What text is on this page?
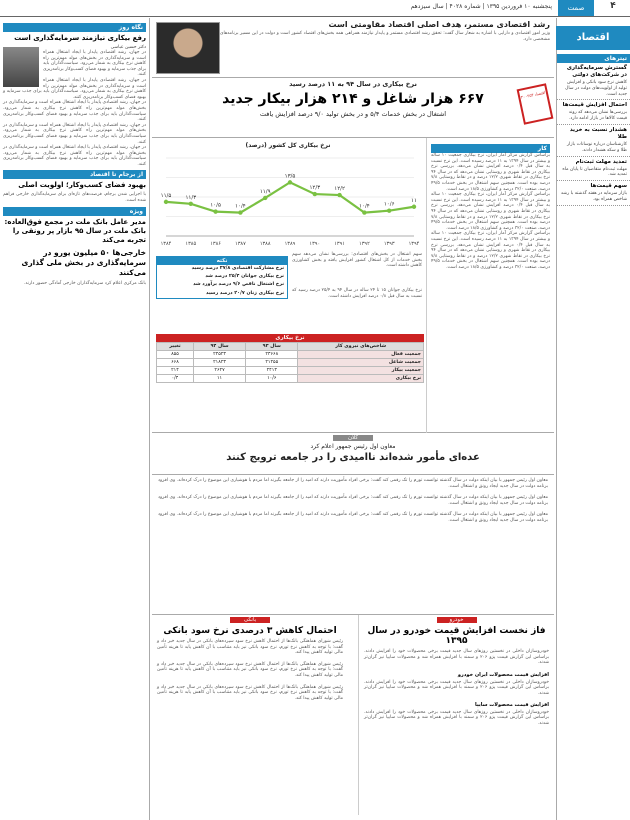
۴
صمت
پنجشنبه ۱۰ فروردین ۱۳۹۵ | شماره ۴۰۲۸ | سال سیزدهم
اقتصاد
تیترهای
گسترش سرمایه‌گذاری در شرکت‌های دولتی
کاهش نرخ سود بانکی و افزایش تولید از اولویت‌های دولت در سال جدید است.
احتمال افزایش قیمت‌ها
بررسی‌ها نشان می‌دهد که روند قیمت کالاها در بازار ادامه دارد.
هشدار نسبت به خرید طلا
کارشناسان درباره نوسانات بازار طلا و سکه هشدار دادند.
تمدید مهلت ثبت‌نام
مهلت ثبت‌نام متقاضیان تا پایان ماه تمدید شد.
سهم قیمت‌ها
بازار سرمایه در هفته گذشته با رشد شاخص همراه بود.
نگاه روز
رفع بیکاری نیازمند سرمایه‌گذاری است
دکتر حسین عباسی
در جهان، رشد اقتصادی پایدار با ایجاد اشتغال همراه است و سرمایه‌گذاری در بخش‌های مولد مهم‌ترین راه کاهش نرخ بیکاری به شمار می‌رود. سیاست‌گذاران باید برای جذب سرمایه و بهبود فضای کسب‌وکار برنامه‌ریزی کنند.
در جهان، رشد اقتصادی پایدار با ایجاد اشتغال همراه است و سرمایه‌گذاری در بخش‌های مولد مهم‌ترین راه کاهش نرخ بیکاری به شمار می‌رود. سیاست‌گذاران باید برای جذب سرمایه و بهبود فضای کسب‌وکار برنامه‌ریزی کنند.
در جهان، رشد اقتصادی پایدار با ایجاد اشتغال همراه است و سرمایه‌گذاری در بخش‌های مولد مهم‌ترین راه کاهش نرخ بیکاری به شمار می‌رود. سیاست‌گذاران باید برای جذب سرمایه و بهبود فضای کسب‌وکار برنامه‌ریزی کنند.
در جهان، رشد اقتصادی پایدار با ایجاد اشتغال همراه است و سرمایه‌گذاری در بخش‌های مولد مهم‌ترین راه کاهش نرخ بیکاری به شمار می‌رود. سیاست‌گذاران باید برای جذب سرمایه و بهبود فضای کسب‌وکار برنامه‌ریزی کنند.
در جهان، رشد اقتصادی پایدار با ایجاد اشتغال همراه است و سرمایه‌گذاری در بخش‌های مولد مهم‌ترین راه کاهش نرخ بیکاری به شمار می‌رود. سیاست‌گذاران باید برای جذب سرمایه و بهبود فضای کسب‌وکار برنامه‌ریزی کنند.
از برجام تا اقتصاد
بهبود فضای کسب‌وکار؛ اولویت اصلی
با اجرایی شدن برجام، فرصت‌های تازه‌ای برای سرمایه‌گذاری خارجی فراهم شده است.
ویژه
مدیر عامل بانک ملت در مجمع فوق‌العاده: بانک ملت در سال ۹۵ بازار پر رونقی را تجربه می‌کند
خارجی‌ها ۵۰ میلیون یورو در سرمایه‌گذاری در بخش ملی گذاری می‌کنند
بانک مرکزی اعلام کرد سرمایه‌گذاران خارجی آمادگی حضور دارند.
رشد اقتصادی مستمر، هدف اصلی اقتصاد مقاومتی است
وزیر امور اقتصادی و دارایی با اشاره به شعار سال گفت: تحقق رشد اقتصادی مستمر و پایدار نیازمند همراهی همه بخش‌های اقتصاد کشور است و دولت در این مسیر برنامه‌های مشخصی دارد.
نرخ بیکاری در سال ۹۴ به ۱۱ درصد رسید
۶۶۷ هزار شاغل و ۲۱۴ هزار بیکار جدید
اشتغال در بخش خدمات ۵/۴ و در بخش تولید ۹/۰ درصد افزایش یافت
اقتصاد ۳۰۰۲۵۳
کار
براساس گزارش مرکز آمار ایران، نرخ بیکاری جمعیت ۱۰ ساله و بیشتر در سال ۱۳۹۴ به ۱۱ درصد رسیده است. این نرخ نسبت به سال قبل ۰/۴ درصد افزایش نشان می‌دهد. بررسی نرخ بیکاری در نقاط شهری و روستایی نشان می‌دهد که در سال ۹۴ نرخ بیکاری در نقاط شهری ۱۲/۲ درصد و در نقاط روستایی ۷/۸ درصد بوده است. همچنین سهم اشتغال در بخش خدمات ۴۹/۵ درصد، صنعت ۳۲/۰ درصد و کشاورزی ۱۸/۵ درصد است.
براساس گزارش مرکز آمار ایران، نرخ بیکاری جمعیت ۱۰ ساله و بیشتر در سال ۱۳۹۴ به ۱۱ درصد رسیده است. این نرخ نسبت به سال قبل ۰/۴ درصد افزایش نشان می‌دهد. بررسی نرخ بیکاری در نقاط شهری و روستایی نشان می‌دهد که در سال ۹۴ نرخ بیکاری در نقاط شهری ۱۲/۲ درصد و در نقاط روستایی ۷/۸ درصد بوده است. همچنین سهم اشتغال در بخش خدمات ۴۹/۵ درصد، صنعت ۳۲/۰ درصد و کشاورزی ۱۸/۵ درصد است.
براساس گزارش مرکز آمار ایران، نرخ بیکاری جمعیت ۱۰ ساله و بیشتر در سال ۱۳۹۴ به ۱۱ درصد رسیده است. این نرخ نسبت به سال قبل ۰/۴ درصد افزایش نشان می‌دهد. بررسی نرخ بیکاری در نقاط شهری و روستایی نشان می‌دهد که در سال ۹۴ نرخ بیکاری در نقاط شهری ۱۲/۲ درصد و در نقاط روستایی ۷/۸ درصد بوده است. همچنین سهم اشتغال در بخش خدمات ۴۹/۵ درصد، صنعت ۳۲/۰ درصد و کشاورزی ۱۸/۵ درصد است.
نرخ بیکاری کل کشور (درصد)
۱۱/۵
۱۳۸۴
۱۱/۳
۱۳۸۵
۱۰/۵
۱۳۸۶
۱۰/۴
۱۳۸۷
۱۱/۹
۱۳۸۸
۱۳/۵
۱۳۸۹
۱۲/۳
۱۳۹۰
۱۲/۲
۱۳۹۱
۱۰/۴
۱۳۹۲
۱۰/۶
۱۳۹۳
۱۱
۱۳۹۴
نکته
نرخ مشارکت اقتصادی ۳۷/۸ درصد رسید
نرخ بیکاری جوانان ۲۵/۴ درصد شد
نرخ اشتغال ناقص ۹/۶ درصد برآورد شد
نرخ بیکاری زنان ۲۰/۷ درصد رسید
سهم اشتغال در بخش‌های اقتصادی: بررسی‌ها نشان می‌دهد سهم بخش خدمات از کل اشتغال کشور افزایش یافته و بخش کشاورزی کاهش داشته است.
نرخ بیکاری جوانان ۱۵ تا ۲۴ ساله در سال ۹۴ به ۲۵/۴ درصد رسید که نسبت به سال قبل ۰/۸ درصد افزایش داشته است.
نرخ بیکاری
شاخص‌های نیروی کار	سال ۹۳	سال ۹۴	تغییر
جمعیت فعال	۲۳۶۶۸	۲۴۵۲۳	۸۵۵
جمعیت شاغل	۲۱۲۵۵	۲۱۸۲۳	۶۶۸
جمعیت بیکار	۲۴۱۳	۲۶۲۷	۲۱۴
نرخ بیکاری	۱۰/۶	۱۱	۰/۴
کلان
معاون اول رئیس جمهور اعلام کرد
عده‌ای مأمور شده‌اند ناامیدی را در جامعه ترویج کنند
معاون اول رئیس جمهور با بیان اینکه دولت در سال گذشته توانست تورم را تک رقمی کند گفت: برخی افراد مأموریت دارند که امید را از جامعه بگیرند اما مردم با هوشیاری این موضوع را درک کرده‌اند. وی افزود برنامه دولت در سال جدید ایجاد رونق و اشتغال است.
معاون اول رئیس جمهور با بیان اینکه دولت در سال گذشته توانست تورم را تک رقمی کند گفت: برخی افراد مأموریت دارند که امید را از جامعه بگیرند اما مردم با هوشیاری این موضوع را درک کرده‌اند. وی افزود برنامه دولت در سال جدید ایجاد رونق و اشتغال است.
معاون اول رئیس جمهور با بیان اینکه دولت در سال گذشته توانست تورم را تک رقمی کند گفت: برخی افراد مأموریت دارند که امید را از جامعه بگیرند اما مردم با هوشیاری این موضوع را درک کرده‌اند. وی افزود برنامه دولت در سال جدید ایجاد رونق و اشتغال است.
خودرو
فاز نخست افزایش قیمت خودرو در سال ۱۳۹۵
خودروسازان داخلی در نخستین روزهای سال جدید قیمت برخی محصولات خود را افزایش دادند. براساس این گزارش قیمت پژو ۲۰۶ و سمند با افزایش همراه شد و محصولات سایپا نیز گران‌تر شدند.
افزایش قیمت محصولات ایران خودرو
خودروسازان داخلی در نخستین روزهای سال جدید قیمت برخی محصولات خود را افزایش دادند. براساس این گزارش قیمت پژو ۲۰۶ و سمند با افزایش همراه شد و محصولات سایپا نیز گران‌تر شدند.
افزایش قیمت محصولات سایپا
خودروسازان داخلی در نخستین روزهای سال جدید قیمت برخی محصولات خود را افزایش دادند. براساس این گزارش قیمت پژو ۲۰۶ و سمند با افزایش همراه شد و محصولات سایپا نیز گران‌تر شدند.
بانکی
احتمال کاهش ۳ درصدی نرخ سود بانکی
رئیس شورای هماهنگی بانک‌ها از احتمال کاهش نرخ سود سپرده‌های بانکی در سال جدید خبر داد و گفت: با توجه به کاهش نرخ تورم، نرخ سود بانکی نیز باید متناسب با آن کاهش یابد تا هزینه تأمین مالی تولید کاهش پیدا کند.
رئیس شورای هماهنگی بانک‌ها از احتمال کاهش نرخ سود سپرده‌های بانکی در سال جدید خبر داد و گفت: با توجه به کاهش نرخ تورم، نرخ سود بانکی نیز باید متناسب با آن کاهش یابد تا هزینه تأمین مالی تولید کاهش پیدا کند.
رئیس شورای هماهنگی بانک‌ها از احتمال کاهش نرخ سود سپرده‌های بانکی در سال جدید خبر داد و گفت: با توجه به کاهش نرخ تورم، نرخ سود بانکی نیز باید متناسب با آن کاهش یابد تا هزینه تأمین مالی تولید کاهش پیدا کند.
